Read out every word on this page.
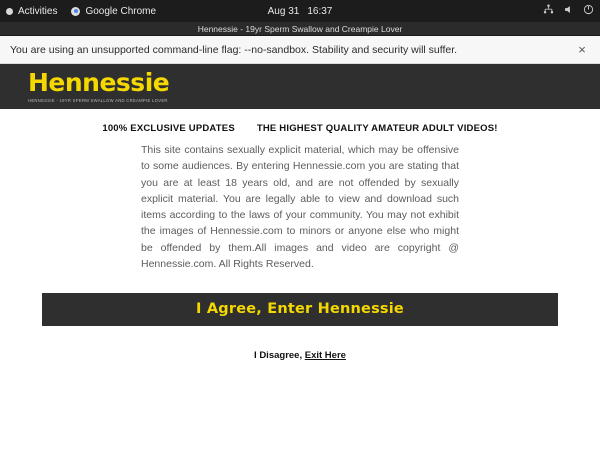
Activities	Google Chrome	Aug 31 16:37
Hennessie - 19yr Sperm Swallow and Creampie Lover
You are using an unsupported command-line flag: --no-sandbox. Stability and security will suffer.	×
Hennessie
HENNESSIE - 19YR SPERM SWALLOW AND CREAMPIE LOVER
100% EXCLUSIVE UPDATES THE HIGHEST QUALITY AMATEUR ADULT VIDEOS!

This site contains sexually explicit material, which may be offensive to some audiences. By entering Hennessie.com you are stating that you are at least 18 years old, and are not offended by sexually explicit material. You are legally able to view and download such items according to the laws of your community. You may not exhibit the images of Hennessie.com to minors or anyone else who might be offended by them.All images and video are copyright @ Hennessie.com. All Rights Reserved.

I Agree, Enter Hennessie
I Disagree, Exit Here
